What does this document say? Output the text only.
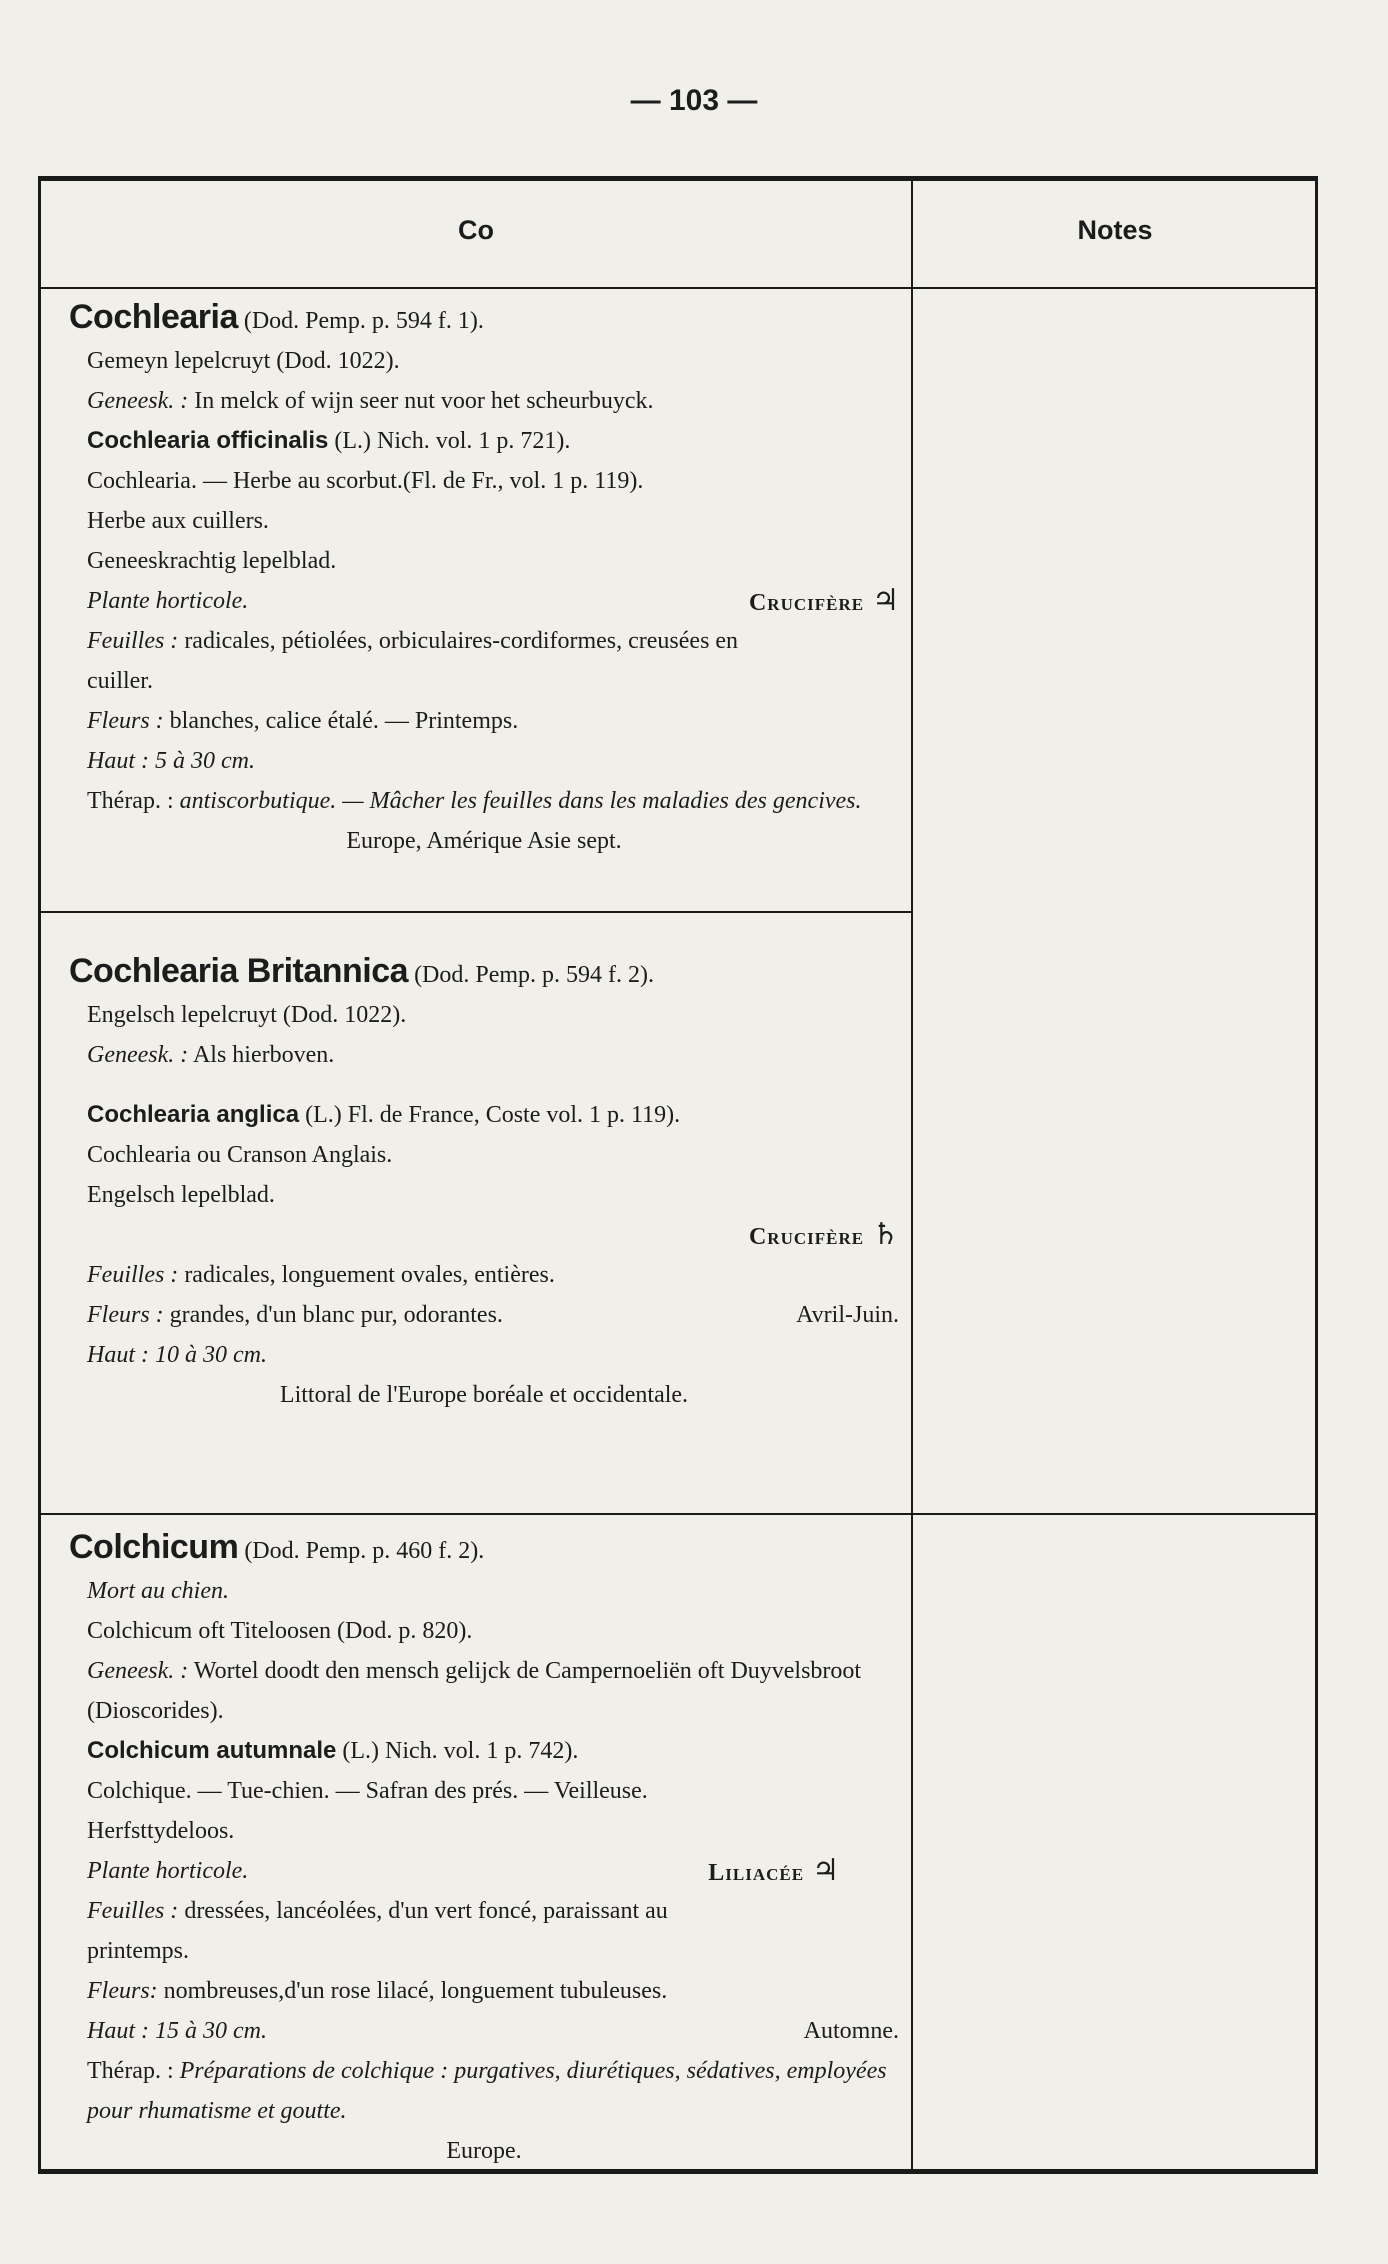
— 103 —
Co	Notes

Cochlearia (Dod. Pemp. p. 594 f. 1).

Gemeyn lepelcruyt (Dod. 1022).

Geneesk. : In melck of wijn seer nut voor het scheurbuyck.

Cochlearia officinalis (L.) Nich. vol. 1 p. 721).

Cochlearia. — Herbe au scorbut.(Fl. de Fr., vol. 1 p. 119).

Herbe aux cuillers.

Geneeskrachtig lepelblad.

Plante horticole.	Crucifère ♃

Feuilles : radicales, pétiolées, orbiculaires-cordiformes, creusées en cuiller.

Fleurs : blanches, calice étalé. — Printemps.

Haut : 5 à 30 cm.

Thérap. : antiscorbutique. — Mâcher les feuilles dans les maladies des gencives.

Europe, Amérique Asie sept.

Cochlearia Britannica (Dod. Pemp. p. 594 f. 2).

Engelsch lepelcruyt (Dod. 1022).

Geneesk. : Als hierboven.

Cochlearia anglica (L.) Fl. de France, Coste vol. 1 p. 119).

Cochlearia ou Cranson Anglais.

Engelsch lepelblad.

Crucifère ♄

Feuilles : radicales, longuement ovales, entières.

Fleurs : grandes, d'un blanc pur, odorantes.	Avril-Juin.

Haut : 10 à 30 cm.

Littoral de l'Europe boréale et occidentale.

Colchicum (Dod. Pemp. p. 460 f. 2).

Mort au chien.

Colchicum oft Titeloosen (Dod. p. 820).

Geneesk. : Wortel doodt den mensch gelijck de Campernoeliën oft Duyvelsbroot (Dioscorides).

Colchicum autumnale (L.) Nich. vol. 1 p. 742).

Colchique. — Tue-chien. — Safran des prés. — Veilleuse.

Herfsttydeloos.

Plante horticole.	Liliacée ♃

Feuilles : dressées, lancéolées, d'un vert foncé, paraissant au printemps.

Fleurs: nombreuses,d'un rose lilacé, longuement tubuleuses.

Haut : 15 à 30 cm.	Automne.

Thérap. : Préparations de colchique : purgatives, diurétiques, sédatives, employées pour rhumatisme et goutte.

Europe.
